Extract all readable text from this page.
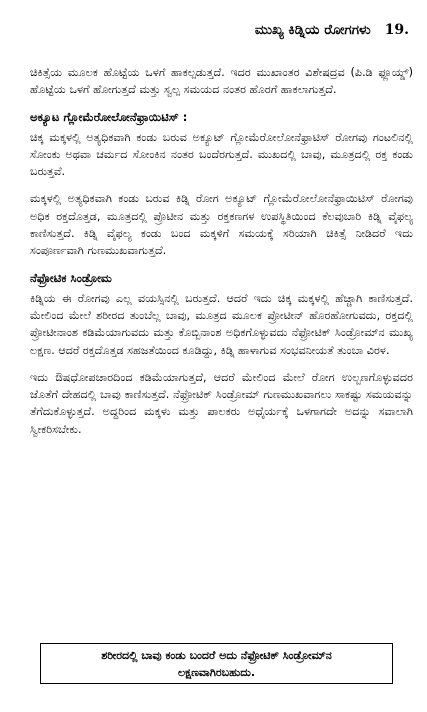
ಮುಖ್ಯ ಕಿಡ್ನಿಯ ರೋಗಗಳು 19.

ಚಿಕಿತ್ಸೆಯ ಮೂಲಕ ಹೊಟ್ಟೆಯ ಒಳಗೆ ಹಾಕಲ್ಪಡುತ್ತದೆ. ಇದರ ಮುಖಾಂತರ ವಿಶೇಷದ್ರವ (ಪಿ.ಡಿ ಫ್ಲೂಯ್ಡ್) ಹೊಟ್ಟೆಯ ಒಳಗೆ ಹೋಗುತ್ತದೆ ಮತ್ತು ಸ್ವಲ್ಪ ಸಮಯದ ನಂತರ ಹೊರಗೆ ಹಾಕಲಾಗುತ್ತದೆ.

ಅಕ್ಯೂಟ ಗ್ಲೋಮೆರೋಲೋನೆಫ್ರಾಯಿಟಿಸ್ :

ಚಿಕ್ಕ ಮಕ್ಕಳಲ್ಲಿ ಅತ್ಯಧಿಕವಾಗಿ ಕಂಡು ಬರುವ ಅಕ್ಯೂಟ್ ಗ್ಲೋಮೆರೋಲೋನೆಫ್ರಾಟಿಸ್ ರೋಗವು ಗಂಟಲಿನಲ್ಲಿ ಸೋಂಕು ಅಥವಾ ಚರ್ಮದ ಸೋಂಕಿನ ನಂತರ ಬಂದೆರಗುತ್ತದೆ. ಮುಖದಲ್ಲಿ ಬಾವು, ಮೂತ್ರದಲ್ಲಿ ರಕ್ತ ಕಂಡು ಬರುತ್ತವೆ.

ಮಕ್ಕಳಲ್ಲಿ ಅತ್ಯಧಿಕವಾಗಿ ಕಂಡು ಬರುವ ಕಿಡ್ನಿ ರೋಗ ಅಕ್ಯೂಟ್ ಗ್ಲೋಮೆರೋಲೋನೆಫ್ರಾಯಿಟಿಸ್ ರೋಗವು ಅಧಿಕ ರಕ್ತದೊತ್ತಡ, ಮೂತ್ರದಲ್ಲಿ ಪ್ರೊಟೀನ ಮತ್ತು ರಕ್ತಕಣಗಳ ಉಪಸ್ಥಿತಿಯಿಂದ ಕೆಲವುಬಾರಿ ಕಿಡ್ನಿ ವೈಫಲ್ಯ ಕಾಣಿಸುತ್ತದೆ. ಕಿಡ್ನಿ ವೈಫಲ್ಯ ಕಂಡು ಬಂದ ಮಕ್ಕಳಿಗೆ ಸಮಯಕ್ಕೆ ಸರಿಯಾಗಿ ಚಿಕಿತ್ಸೆ ನೀಡಿದರೆ ಇದು ಸಂಪೂರ್ಣವಾಗಿ ಗುಣಮುಖವಾಗುತ್ತದೆ.

ನೆಫ್ರೋಟಿಕ ಸಿಂಡ್ರೋಮ

ಕಿಡ್ನಿಯ ಈ ರೋಗವು ಎಲ್ಲ ವಯಸ್ಸಿನಲ್ಲಿ ಬರುತ್ತದೆ. ಆದರೆ ಇದು ಚಿಕ್ಕ ಮಕ್ಕಳಲ್ಲಿ ಹೆಚ್ಚಾಗಿ ಕಾಣಿಸುತ್ತದೆ. ಮೇಲಿಂದ ಮೇಲೆ ಶರೀರದ ತುಂಬೆಲ್ಲ ಬಾವು, ಮೂತ್ರದ ಮೂಲಕ ಪ್ರೋಟೀನ್ ಹೊರಹೋಗುವದು, ರಕ್ತದಲ್ಲಿ ಪ್ರೋಟೀನಾಂಶ ಕಡಿಮೆಯಾಗುವದು ಮತ್ತು ಕೊಬ್ಬಿನಾಂಶ ಅಧಿಕಗೊಳ್ಳುವದು ನೆಫ್ರೋಟಿಕ್ ಸಿಂಡ್ರೋಮ್‌ನ ಮುಖ್ಯ ಲಕ್ಷಣ. ಆದರೆ ರಕ್ತದೊತ್ತಡ ಸಹಜತೆಯಿಂದ ಕೂಡಿದ್ದು, ಕಿಡ್ನಿ ಹಾಳಾಗುವ ಸಂಭವನೀಯತೆ ತುಂಬಾ ವಿರಳ.

ಇದು ಔಷಧೋಪಚಾರದಿಂದ ಕಡಿಮೆಯಾಗುತ್ತದೆ, ಆದರೆ ಮೇಲಿಂದ ಮೇಲೆ ರೋಗ ಉಲ್ಬಣಗೊಳ್ಳುವದರ ಜೊತೆಗೆ ದೇಹದಲ್ಲಿ ಬಾವು ಕಾಣಿಸುತ್ತದೆ. ನೆಫ್ರೋಟಿಕ್ ಸಿಂಡ್ರೋಮ್ ಗುಣಮುಖವಾಗಲು ಸಾಕಷ್ಟು ಸಮಯವನ್ನು ತೆಗೆದುಕೊಳ್ಳುತ್ತದೆ. ಅದ್ದರಿಂದ ಮಕ್ಕಳು ಮತ್ತು ಪಾಲಕರು ಅಧೈರ್ಯಕ್ಕೆ ಒಳಗಾಗದೇ ಅದನ್ನು ಸವಾಲಾಗಿ ಸ್ವೀಕರಿಸಬೇಕು.

ಶರೀರದಲ್ಲಿ ಬಾವು ಕಂಡು ಬಂದರೆ ಅದು ನೆಫ್ರೋಟಿಕ್ ಸಿಂಡ್ರೋಮ್‌ನ
ಲಕ್ಷಣವಾಗಿರಬಹುದು.
